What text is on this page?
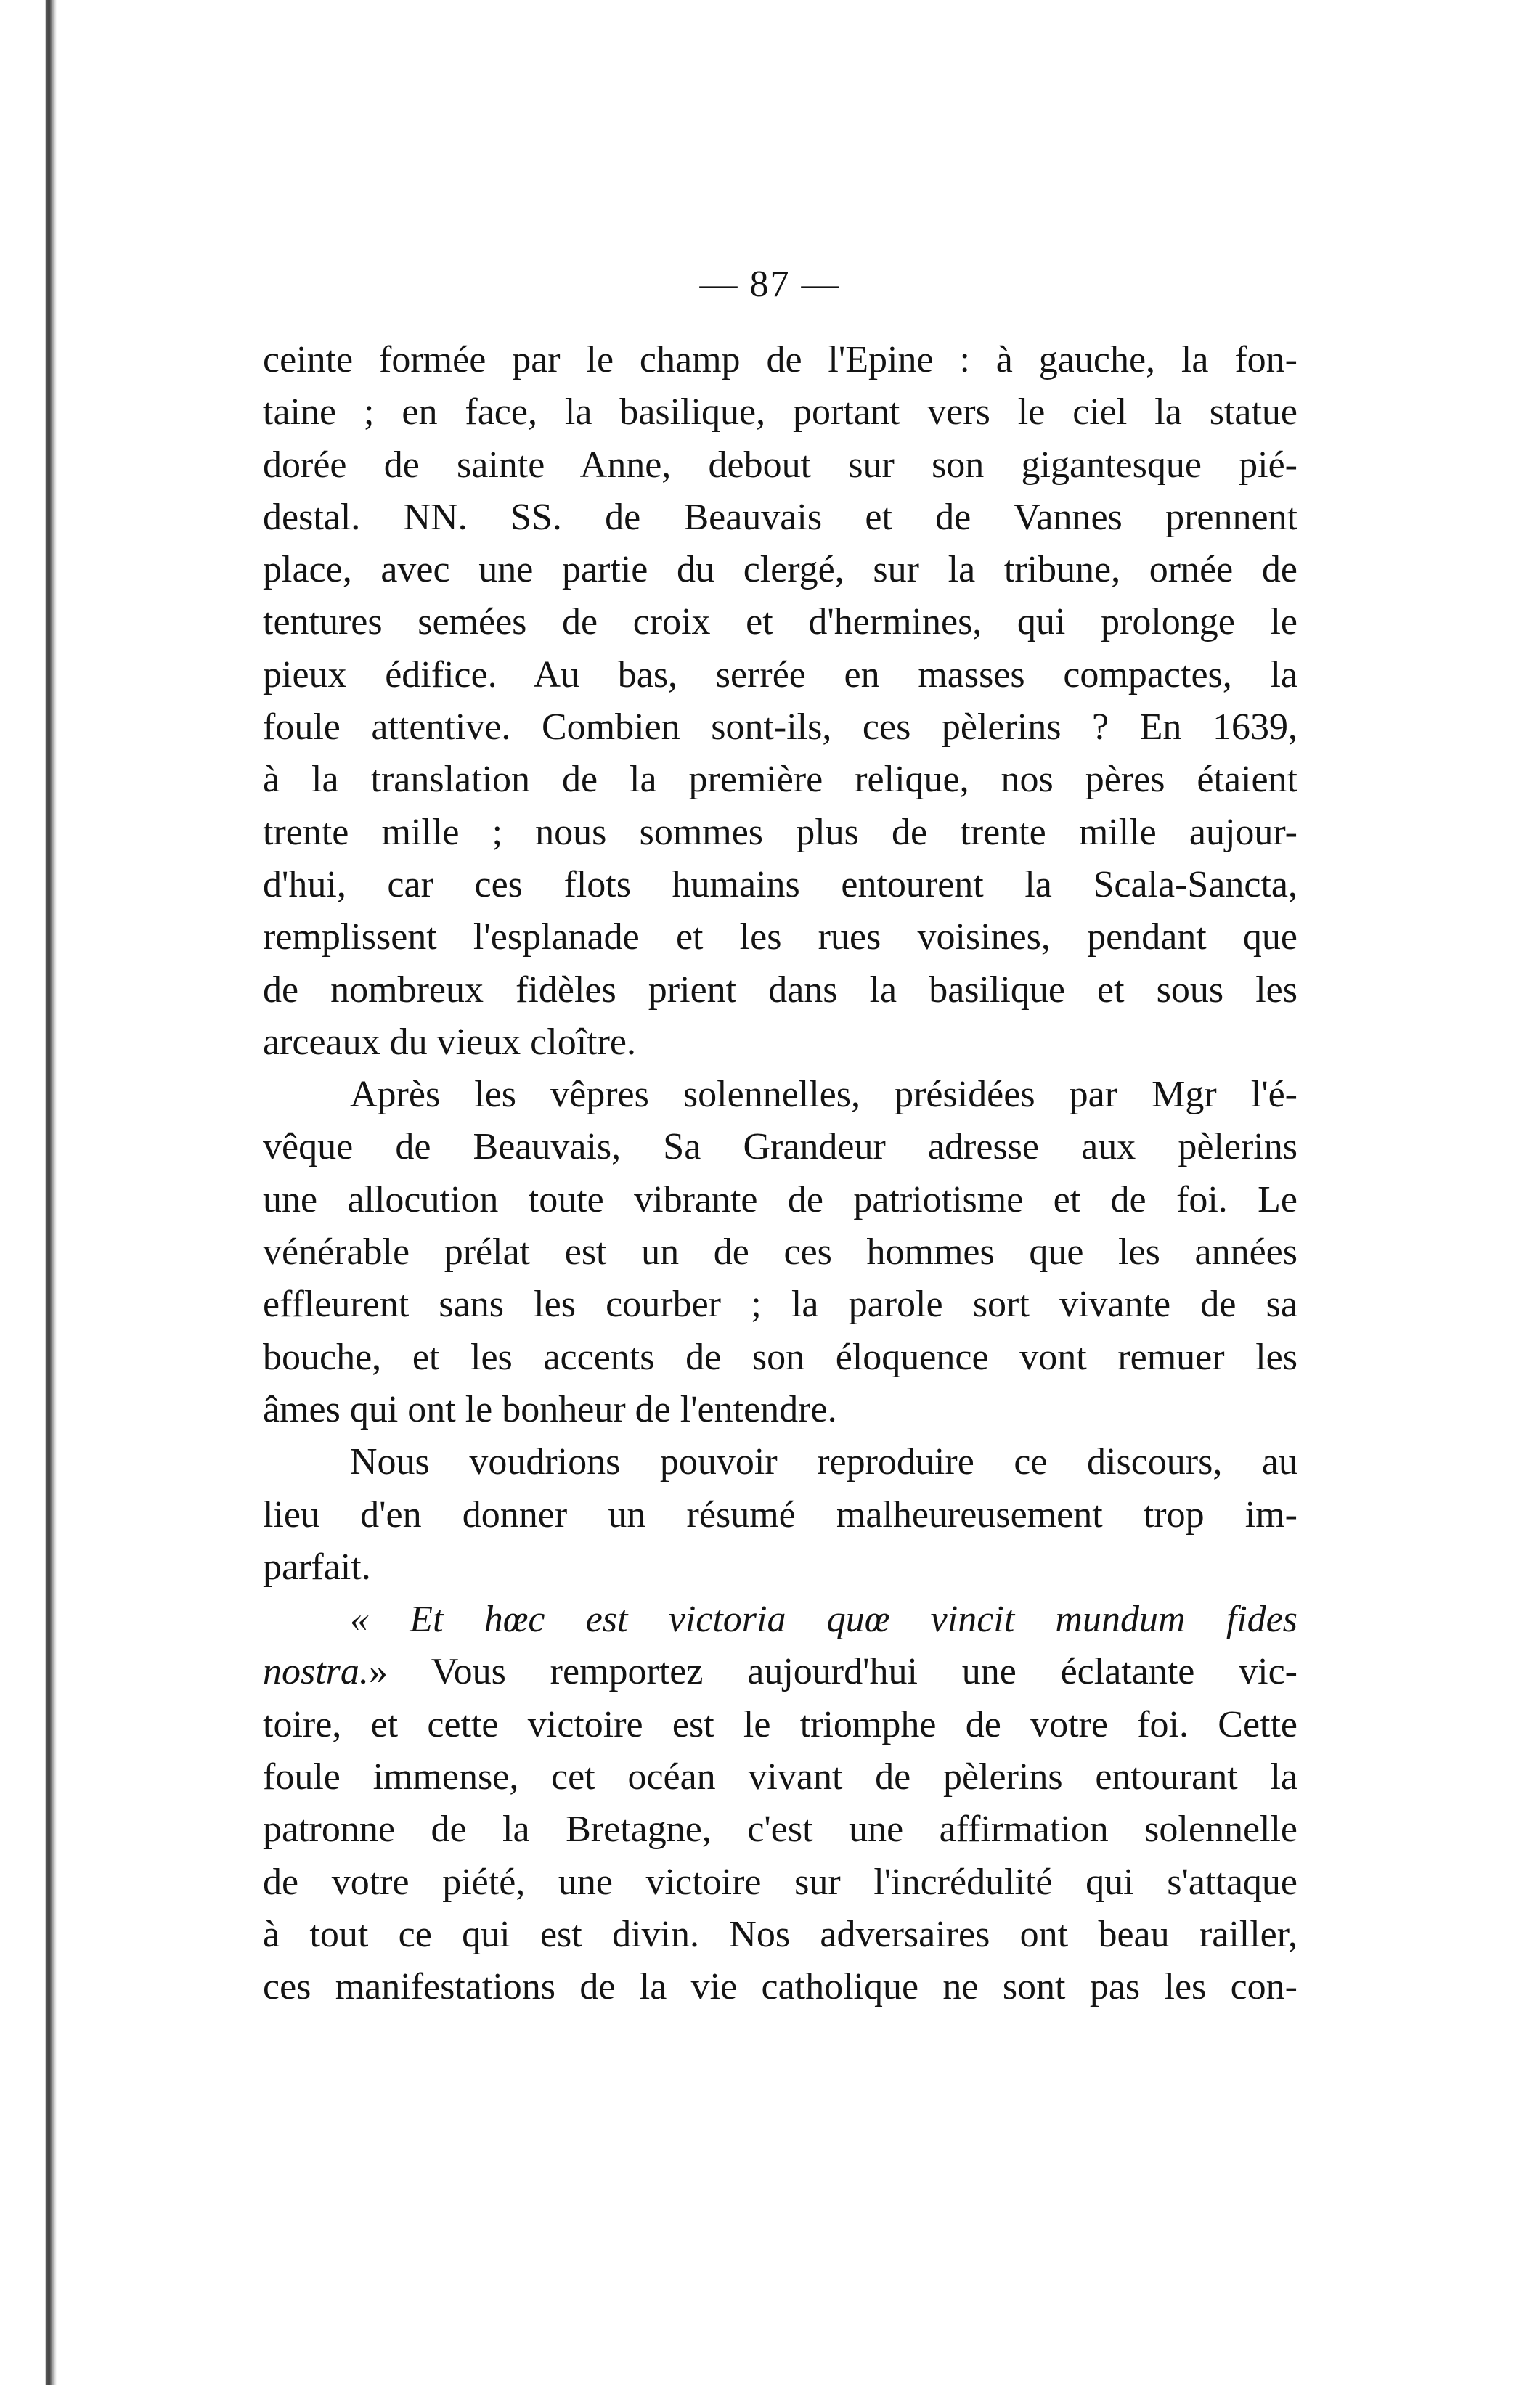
— 87 —

ceinte formée par le champ de l'Epine : à gauche, la fon-
taine ; en face, la basilique, portant vers le ciel la statue
dorée de sainte Anne, debout sur son gigantesque pié-
destal. NN. SS. de Beauvais et de Vannes prennent
place, avec une partie du clergé, sur la tribune, ornée de
tentures semées de croix et d'hermines, qui prolonge le
pieux édifice. Au bas, serrée en masses compactes, la
foule attentive. Combien sont-ils, ces pèlerins ? En 1639,
à la translation de la première relique, nos pères étaient
trente mille ; nous sommes plus de trente mille aujour-
d'hui, car ces flots humains entourent la Scala-Sancta,
remplissent l'esplanade et les rues voisines, pendant que
de nombreux fidèles prient dans la basilique et sous les
arceaux du vieux cloître.

Après les vêpres solennelles, présidées par Mgr l'é-
vêque de Beauvais, Sa Grandeur adresse aux pèlerins
une allocution toute vibrante de patriotisme et de foi. Le
vénérable prélat est un de ces hommes que les années
effleurent sans les courber ; la parole sort vivante de sa
bouche, et les accents de son éloquence vont remuer les
âmes qui ont le bonheur de l'entendre.

Nous voudrions pouvoir reproduire ce discours, au
lieu d'en donner un résumé malheureusement trop im-
parfait.

« Et hœc est victoria quœ vincit mundum fides
nostra.» Vous remportez aujourd'hui une éclatante vic-
toire, et cette victoire est le triomphe de votre foi. Cette
foule immense, cet océan vivant de pèlerins entourant la
patronne de la Bretagne, c'est une affirmation solennelle
de votre piété, une victoire sur l'incrédulité qui s'attaque
à tout ce qui est divin. Nos adversaires ont beau railler,
ces manifestations de la vie catholique ne sont pas les con-
